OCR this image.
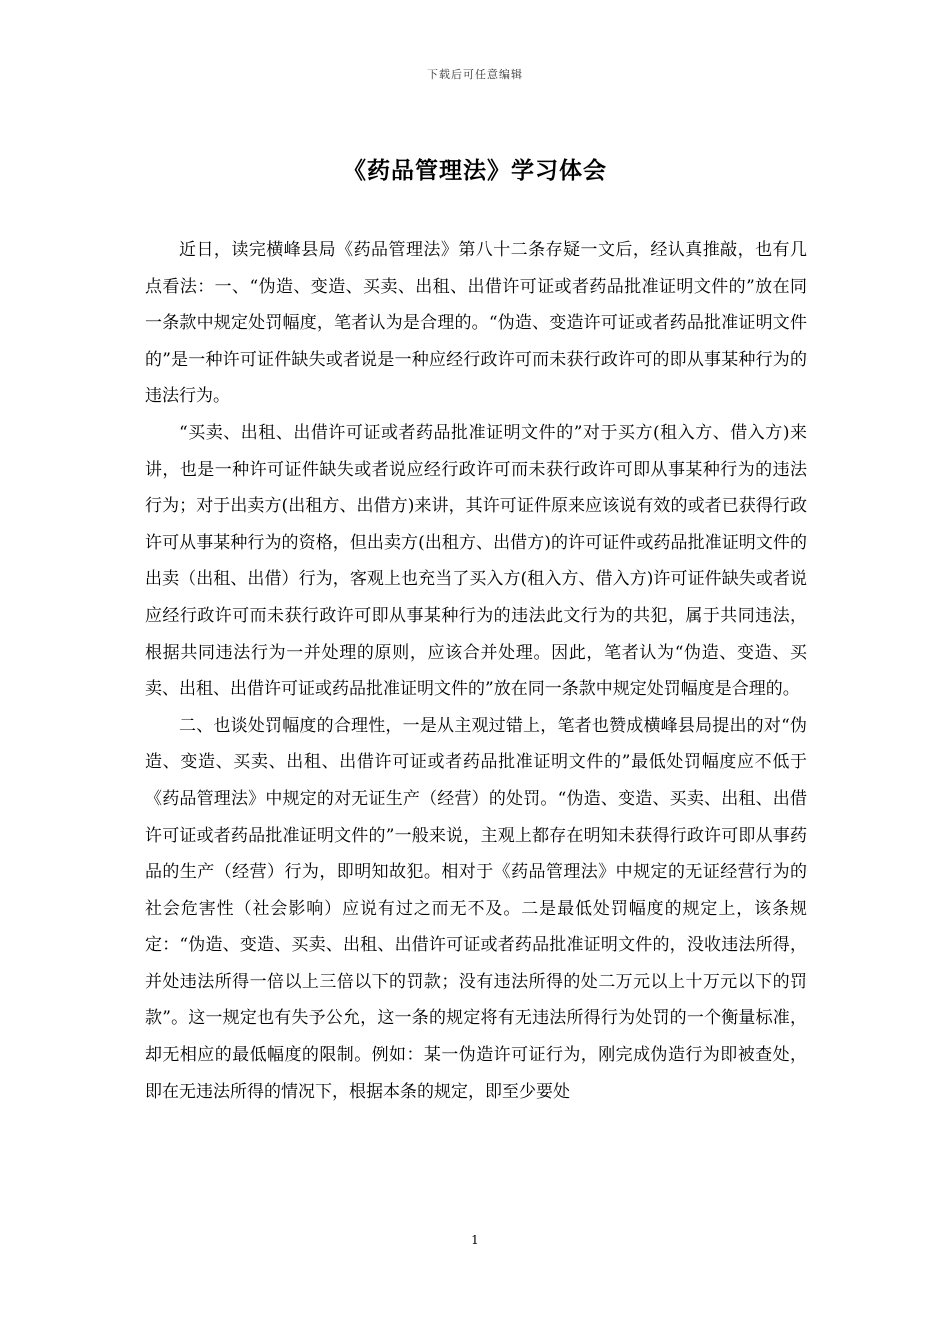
下载后可任意编辑
《药品管理法》学习体会

近日，读完横峰县局《药品管理法》第八十二条存疑一文后，经认真推敲，也有几点看法：一、“伪造、变造、买卖、出租、出借许可证或者药品批准证明文件的”放在同一条款中规定处罚幅度，笔者认为是合理的。“伪造、变造许可证或者药品批准证明文件的”是一种许可证件缺失或者说是一种应经行政许可而未获行政许可的即从事某种行为的违法行为。

“买卖、出租、出借许可证或者药品批准证明文件的”对于买方(租入方、借入方)来讲，也是一种许可证件缺失或者说应经行政许可而未获行政许可即从事某种行为的违法行为；对于出卖方(出租方、出借方)来讲，其许可证件原来应该说有效的或者已获得行政许可从事某种行为的资格，但出卖方(出租方、出借方)的许可证件或药品批准证明文件的出卖（出租、出借）行为，客观上也充当了买入方(租入方、借入方)许可证件缺失或者说应经行政许可而未获行政许可即从事某种行为的违法此文行为的共犯，属于共同违法，根据共同违法行为一并处理的原则，应该合并处理。因此，笔者认为“伪造、变造、买卖、出租、出借许可证或药品批准证明文件的”放在同一条款中规定处罚幅度是合理的。

二、也谈处罚幅度的合理性，一是从主观过错上，笔者也赞成横峰县局提出的对“伪造、变造、买卖、出租、出借许可证或者药品批准证明文件的”最低处罚幅度应不低于《药品管理法》中规定的对无证生产（经营）的处罚。“伪造、变造、买卖、出租、出借许可证或者药品批准证明文件的”一般来说，主观上都存在明知未获得行政许可即从事药品的生产（经营）行为，即明知故犯。相对于《药品管理法》中规定的无证经营行为的社会危害性（社会影响）应说有过之而无不及。二是最低处罚幅度的规定上，该条规定：“伪造、变造、买卖、出租、出借许可证或者药品批准证明文件的，没收违法所得，并处违法所得一倍以上三倍以下的罚款；没有违法所得的处二万元以上十万元以下的罚款”。这一规定也有失予公允，这一条的规定将有无违法所得行为处罚的一个衡量标准，却无相应的最低幅度的限制。例如：某一伪造许可证行为，刚完成伪造行为即被查处，即在无违法所得的情况下，根据本条的规定，即至少要处

1
